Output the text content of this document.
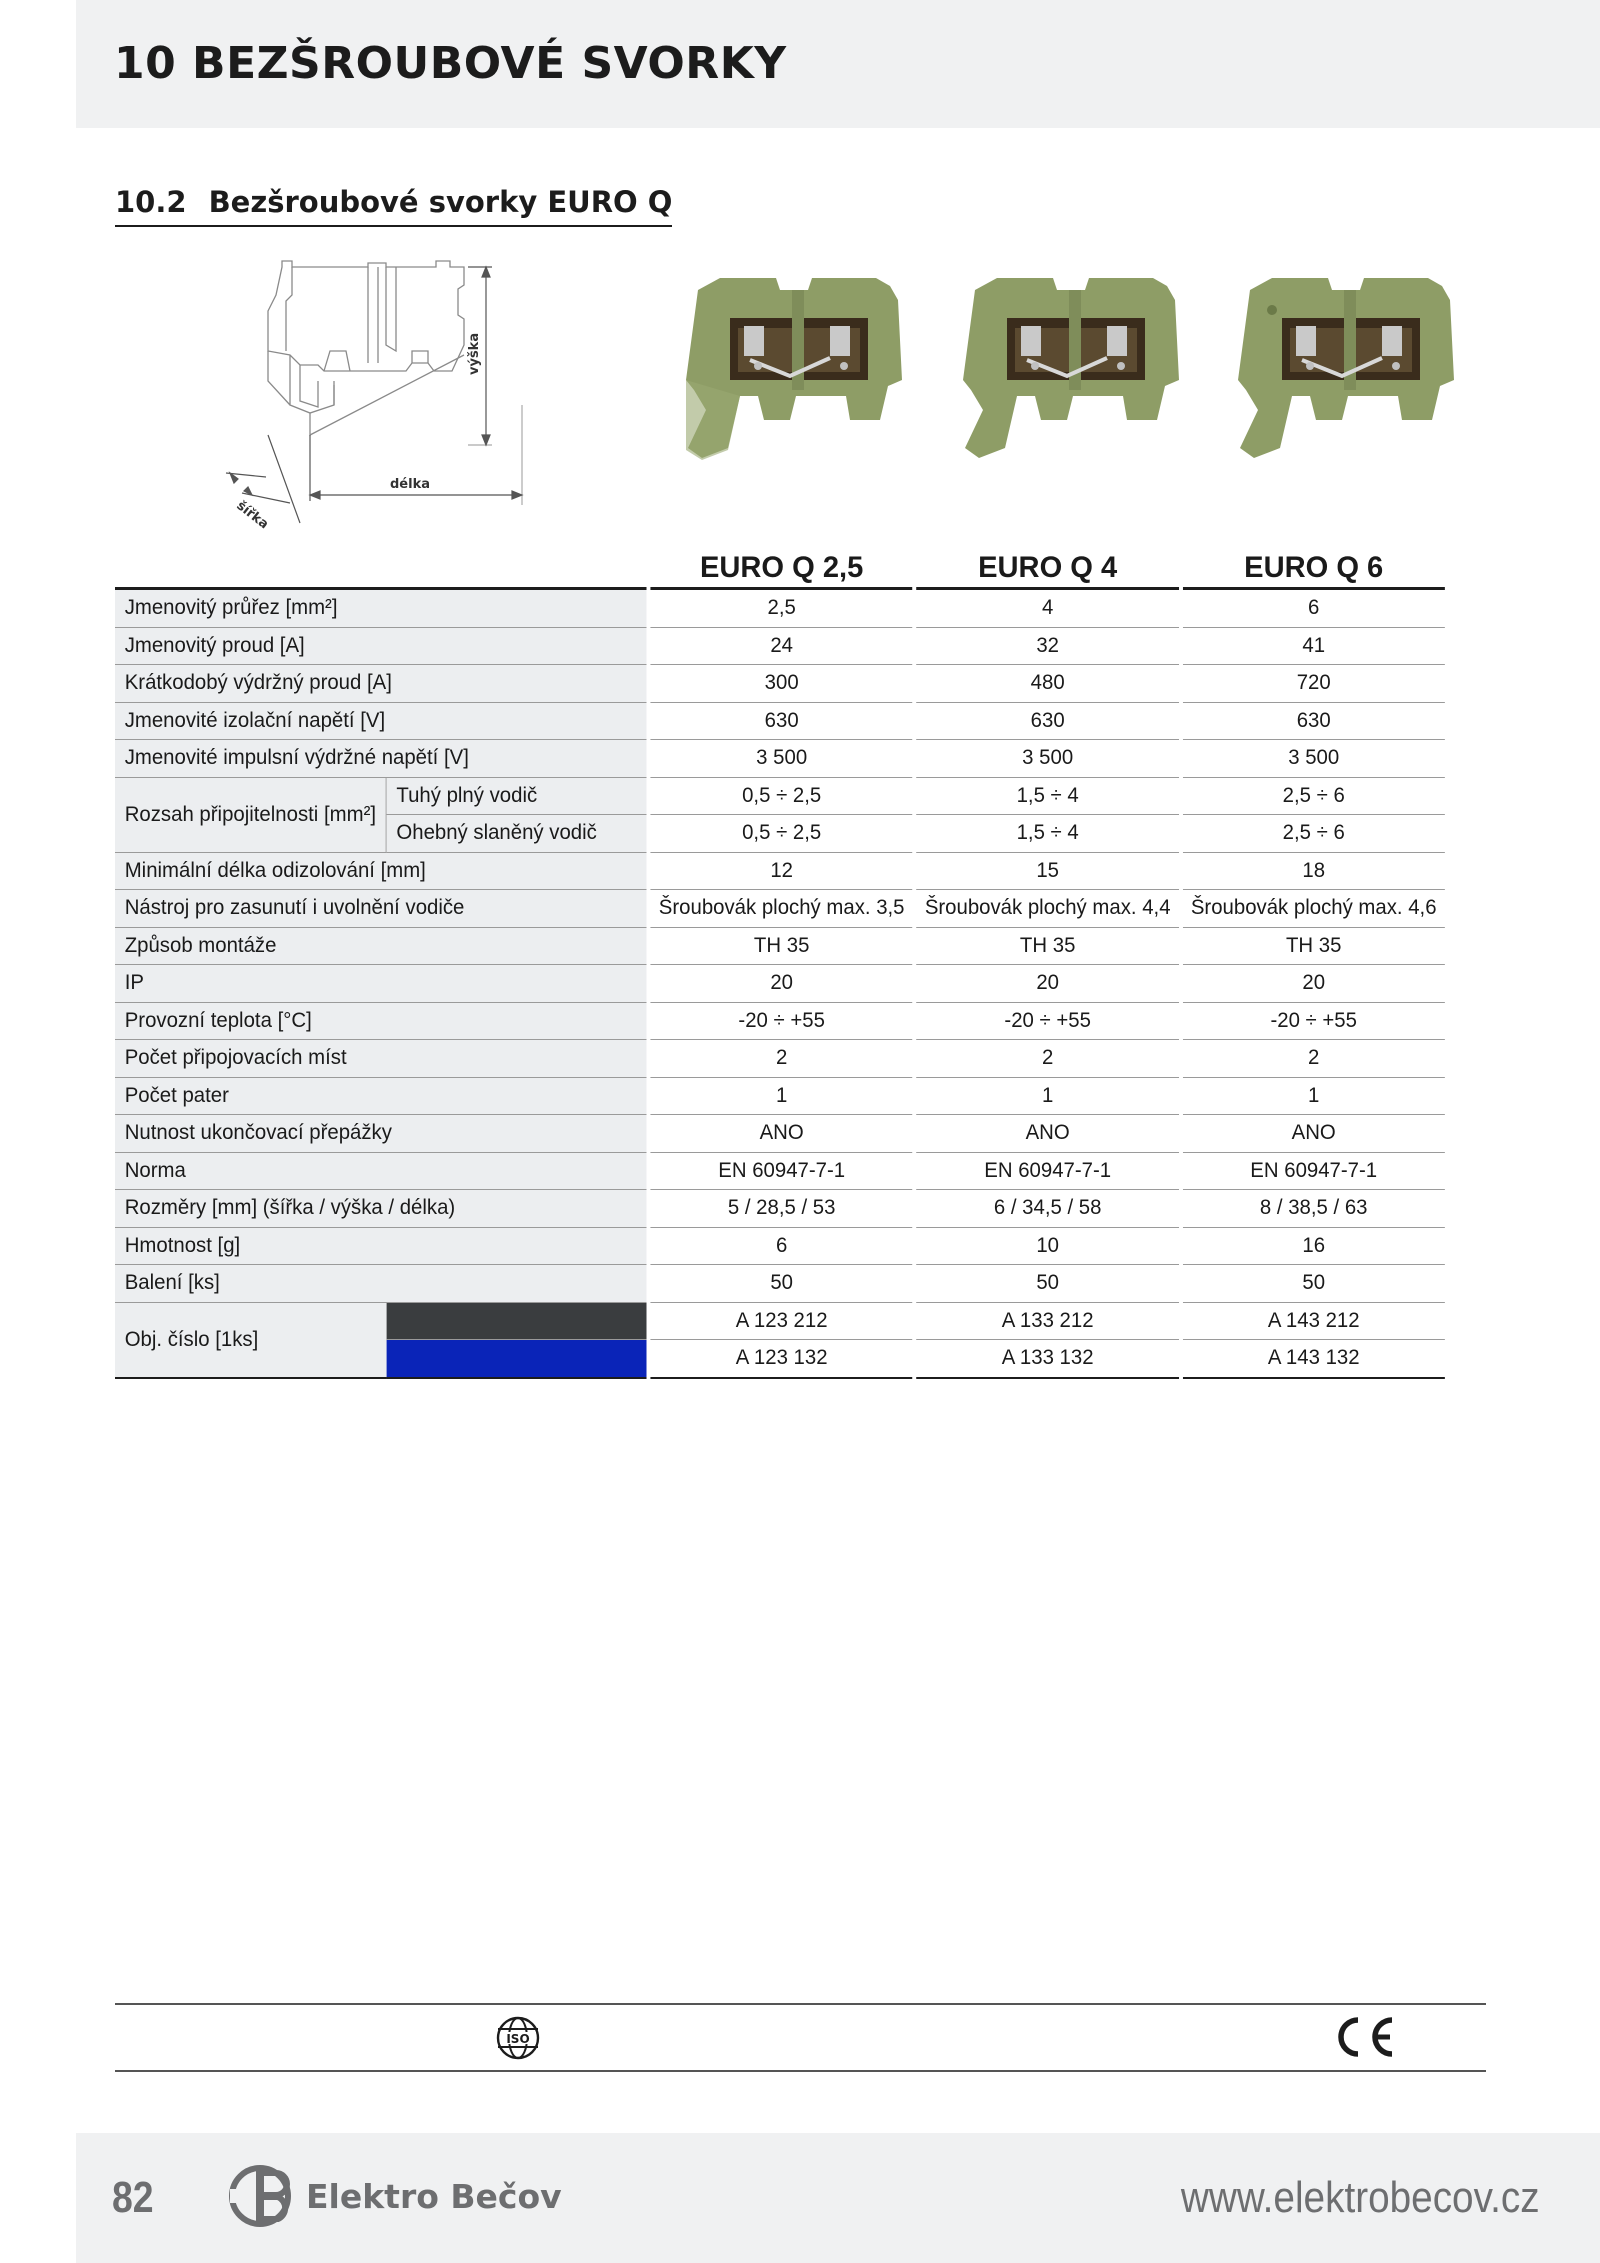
10 BEZŠROUBOVÉ SVORKY
10.2 Bezšroubové svorky EURO Q
výška
délka
šířka
			EURO Q 2,5		EURO Q 4		EURO Q 6
Jmenovitý průřez [mm²]			2,5		4		6
Jmenovitý proud [A]			24		32		41
Krátkodobý výdržný proud [A]			300		480		720
Jmenovité izolační napětí [V]			630		630		630
Jmenovité impulsní výdržné napětí [V]			3 500		3 500		3 500
Rozsah připojitelnosti [mm²]	Tuhý plný vodič		0,5 ÷ 2,5		1,5 ÷ 4		2,5 ÷ 6
	Ohebný slaněný vodič		0,5 ÷ 2,5		1,5 ÷ 4		2,5 ÷ 6
Minimální délka odizolování [mm]			12		15		18
Nástroj pro zasunutí i uvolnění vodiče			Šroubovák plochý max. 3,5		Šroubovák plochý max. 4,4		Šroubovák plochý max. 4,6
Způsob montáže			TH 35		TH 35		TH 35
IP			20		20		20
Provozní teplota [°C]			-20 ÷ +55		-20 ÷ +55		-20 ÷ +55
Počet připojovacích míst			2		2		2
Počet pater			1		1		1
Nutnost ukončovací přepážky			ANO		ANO		ANO
Norma			EN 60947-7-1		EN 60947-7-1		EN 60947-7-1
Rozměry [mm] (šířka / výška / délka)			5 / 28,5 / 53		6 / 34,5 / 58		8 / 38,5 / 63
Hmotnost [g]			6		10		16
Balení [ks]			50		50		50
Obj. číslo [1ks]			A 123 212		A 133 212		A 143 212
			A 123 132		A 133 132		A 143 132
ISO
82	Elektro Bečov	www.elektrobecov.cz
